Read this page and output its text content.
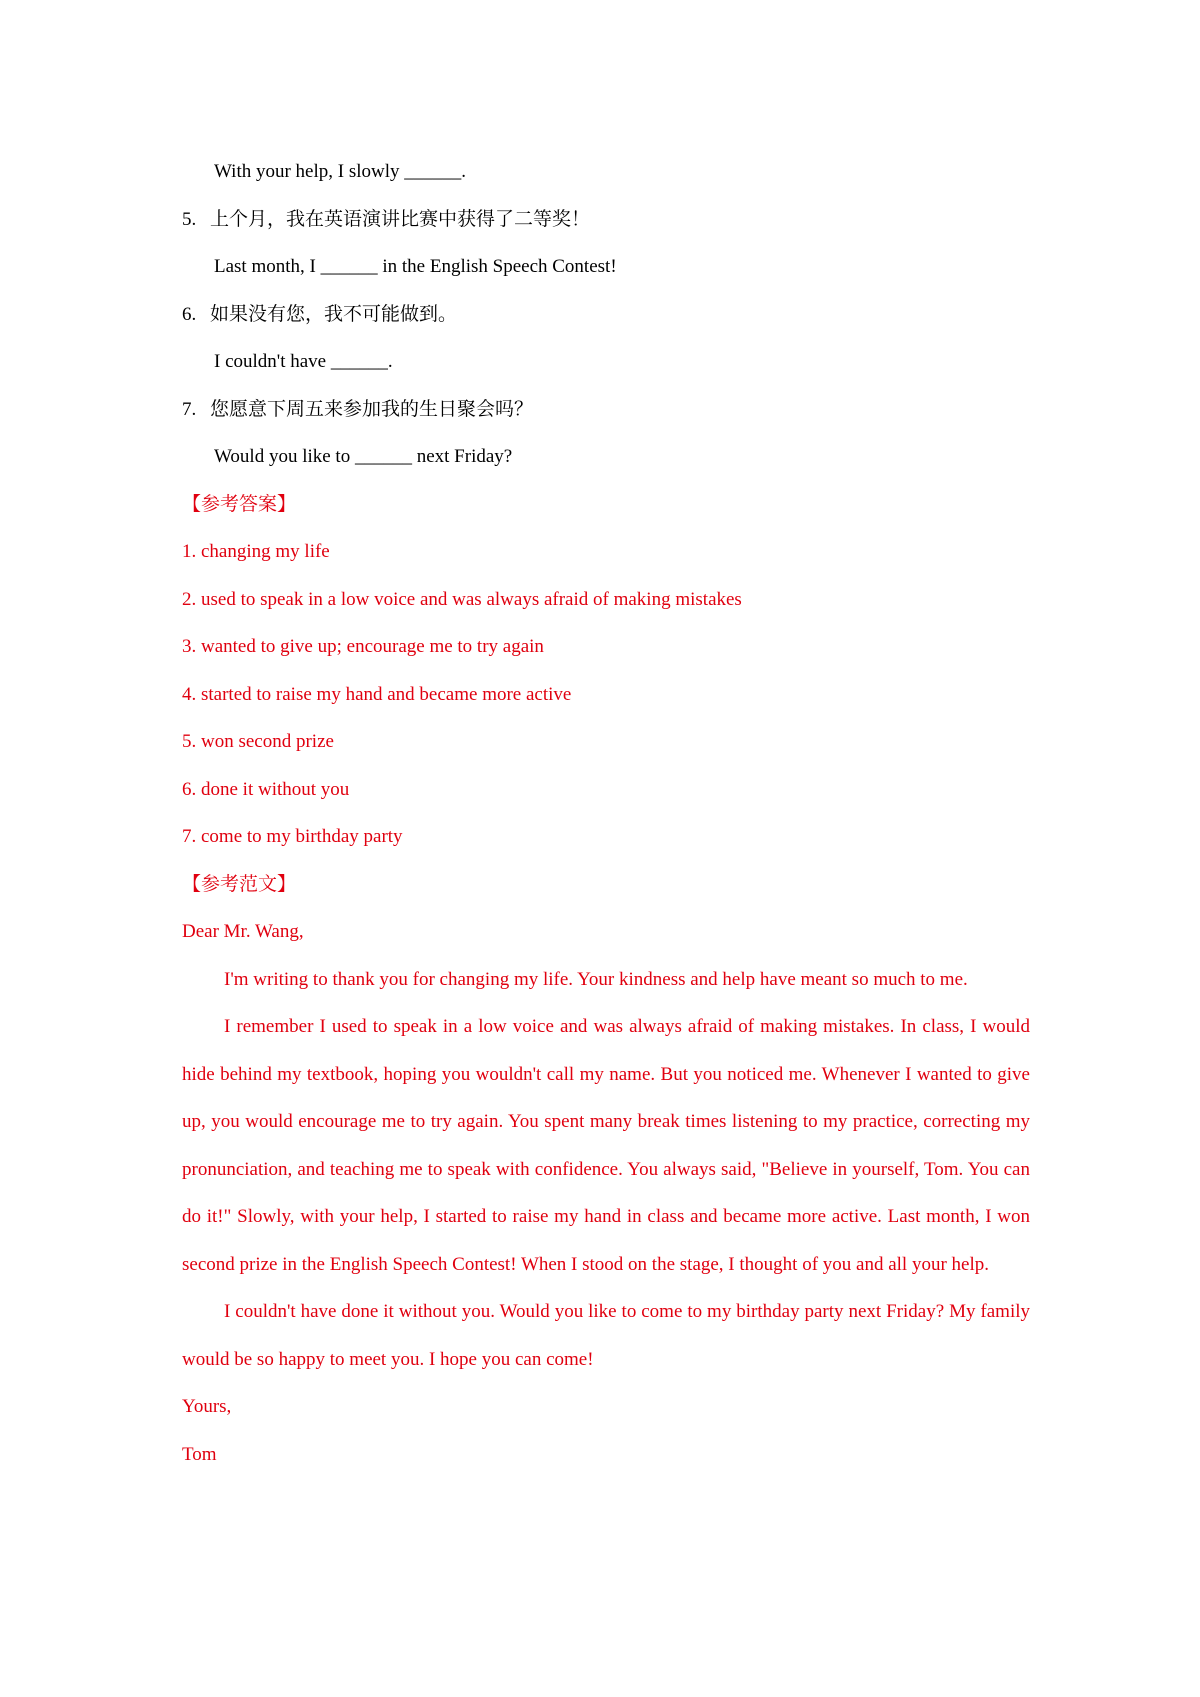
With your help, I slowly ______.
5. 上个月，我在英语演讲比赛中获得了二等奖！
Last month, I ______ in the English Speech Contest!
6. 如果没有您，我不可能做到。
I couldn't have ______.
7. 您愿意下周五来参加我的生日聚会吗？
Would you like to ______ next Friday?
【参考答案】
1. changing my life
2. used to speak in a low voice and was always afraid of making mistakes
3. wanted to give up; encourage me to try again
4. started to raise my hand and became more active
5. won second prize
6. done it without you
7. come to my birthday party
【参考范文】

Dear Mr. Wang,

I'm writing to thank you for changing my life. Your kindness and help have meant so much to me.

I remember I used to speak in a low voice and was always afraid of making mistakes. In class, I would hide behind my textbook, hoping you wouldn't call my name. But you noticed me. Whenever I wanted to give up, you would encourage me to try again. You spent many break times listening to my practice, correcting my pronunciation, and teaching me to speak with confidence. You always said, "Believe in yourself, Tom. You can do it!" Slowly, with your help, I started to raise my hand in class and became more active. Last month, I won second prize in the English Speech Contest! When I stood on the stage, I thought of you and all your help.

I couldn't have done it without you. Would you like to come to my birthday party next Friday? My family would be so happy to meet you. I hope you can come!

Yours,

Tom
